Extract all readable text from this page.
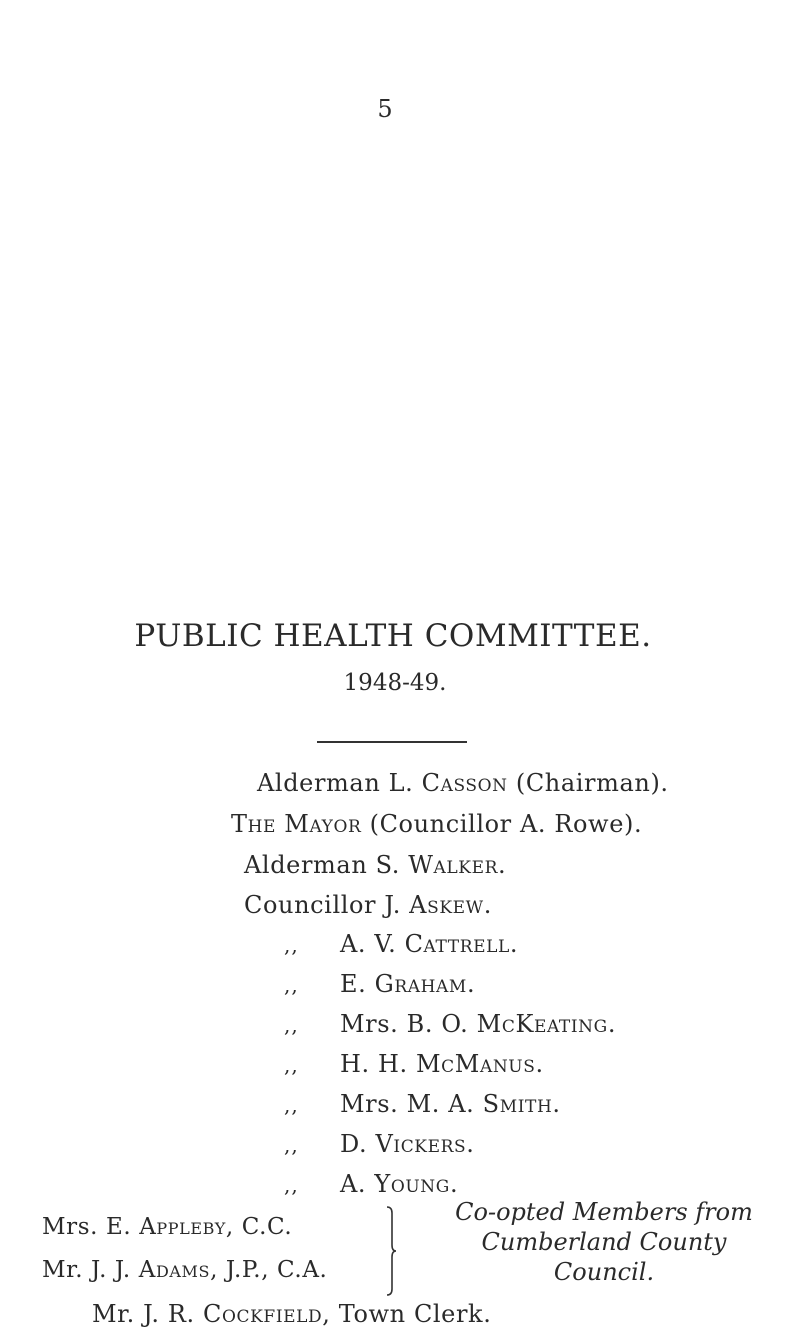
5
PUBLIC HEALTH COMMITTEE.
1948-49.
Alderman L. Casson (Chairman).
The Mayor (Councillor A. Rowe).
Alderman S. Walker.
Councillor J. Askew.
,, A. V. Cattrell.
,, E. Graham.
,, Mrs. B. O. McKeating.
,, H. H. McManus.
,, Mrs. M. A. Smith.
,, D. Vickers.
,, A. Young.
Mrs. E. Appleby, C.C.
Mr. J. J. Adams, J.P., C.A.
Co-opted Members from
Cumberland County
Council.
Mr. J. R. Cockfield, Town Clerk.
